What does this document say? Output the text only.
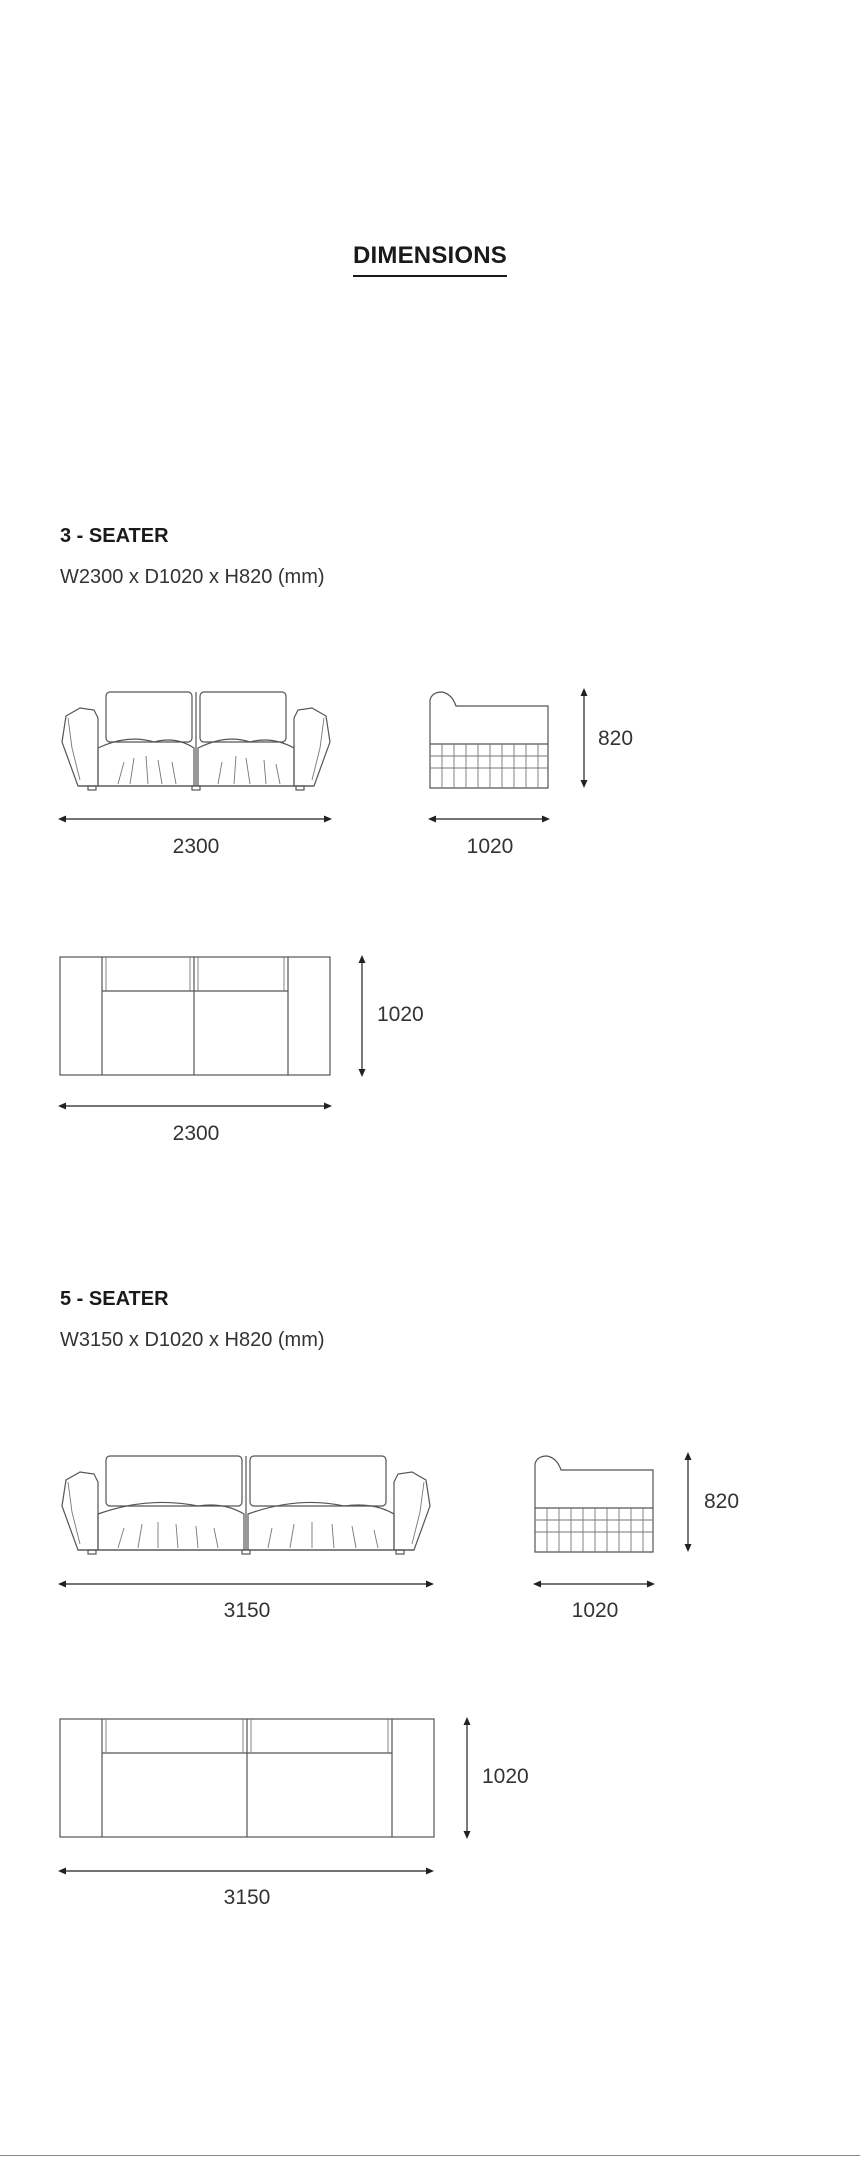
DIMENSIONS
3 - SEATER
W2300 x D1020 x H820 (mm)
2300
820
1020
1020
2300
5 - SEATER
W3150 x D1020 x H820 (mm)
3150
820
1020
1020
3150
